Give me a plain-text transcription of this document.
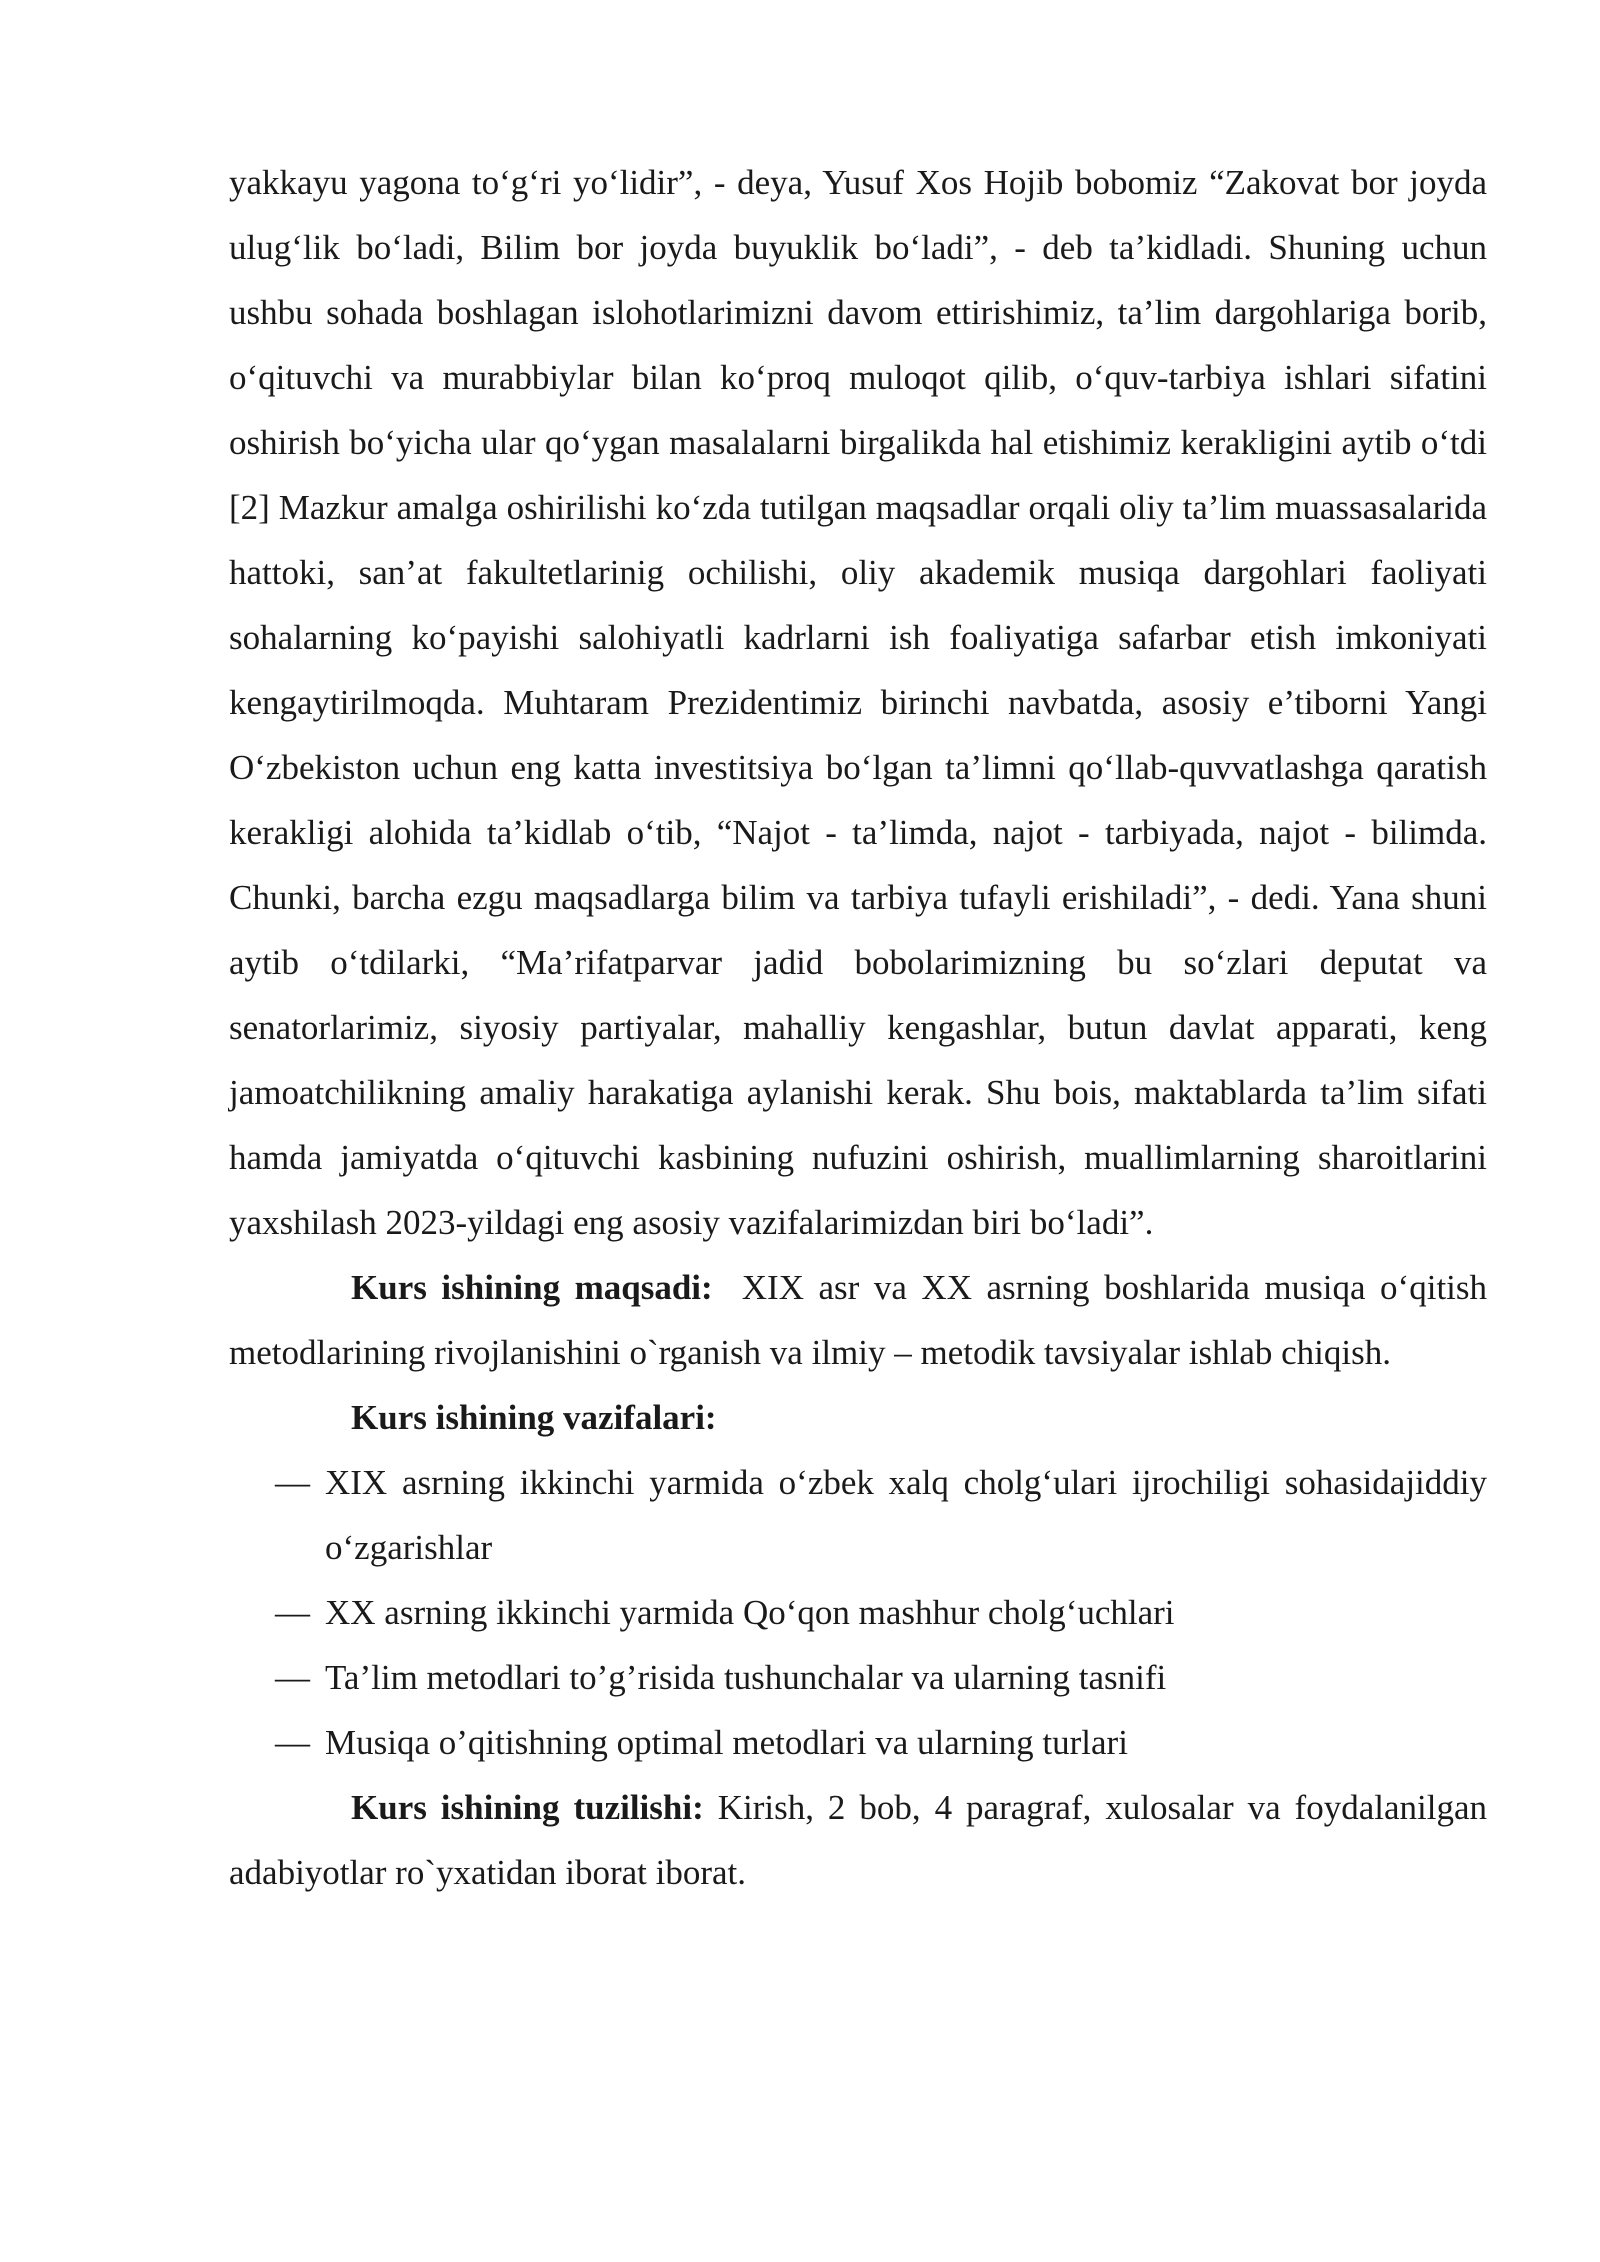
yakkayu yagona to‘g‘ri yo‘lidir”, - deya, Yusuf Xos Hojib bobomiz “Zakovat bor joyda ulug‘lik bo‘ladi, Bilim bor joyda buyuklik bo‘ladi”, - deb ta’kidladi. Shuning uchun ushbu sohada boshlagan islohotlarimizni davom ettirishimiz, ta’lim dargohlariga borib, o‘qituvchi va murabbiylar bilan ko‘proq muloqot qilib, o‘quv-tarbiya ishlari sifatini oshirish bo‘yicha ular qo‘ygan masalalarni birgalikda hal etishimiz kerakligini aytib o‘tdi [2] Mazkur amalga oshirilishi ko‘zda tutilgan maqsadlar orqali oliy ta’lim muassasalarida hattoki, san’at fakultetlarinig ochilishi, oliy akademik musiqa dargohlari faoliyati sohalarning ko‘payishi salohiyatli kadrlarni ish foaliyatiga safarbar etish imkoniyati kengaytirilmoqda. Muhtaram Prezidentimiz birinchi navbatda, asosiy e’tiborni Yangi O‘zbekiston uchun eng katta investitsiya bo‘lgan ta’limni qo‘llab-quvvatlashga qaratish kerakligi alohida ta’kidlab o‘tib, “Najot - ta’limda, najot - tarbiyada, najot - bilimda. Chunki, barcha ezgu maqsadlarga bilim va tarbiya tufayli erishiladi”, - dedi. Yana shuni aytib o‘tdilarki, “Ma’rifatparvar jadid bobolarimizning bu so‘zlari deputat va senatorlarimiz, siyosiy partiyalar, mahalliy kengashlar, butun davlat apparati, keng jamoatchilikning amaliy harakatiga aylanishi kerak. Shu bois, maktablarda ta’lim sifati hamda jamiyatda o‘qituvchi kasbining nufuzini oshirish, muallimlarning sharoitlarini yaxshilash 2023-yildagi eng asosiy vazifalarimizdan biri bo‘ladi”.

Kurs ishining maqsadi:  XIX asr va XX asrning boshlarida musiqa o‘qitish metodlarining rivojlanishini o`rganish va ilmiy – metodik tavsiyalar ishlab chiqish.

Kurs ishining vazifalari:

— XIX asrning ikkinchi yarmida o‘zbek xalq cholg‘ulari ijrochiligi sohasidajiddiy o‘zgarishlar
— XX asrning ikkinchi yarmida Qo‘qon mashhur cholg‘uchlari
— Ta’lim metodlari to’g’risida tushunchalar va ularning tasnifi
— Musiqa o’qitishning optimal metodlari va ularning turlari

Kurs ishining tuzilishi: Kirish, 2 bob, 4 paragraf, xulosalar va foydalanilgan adabiyotlar ro`yxatidan iborat iborat.
